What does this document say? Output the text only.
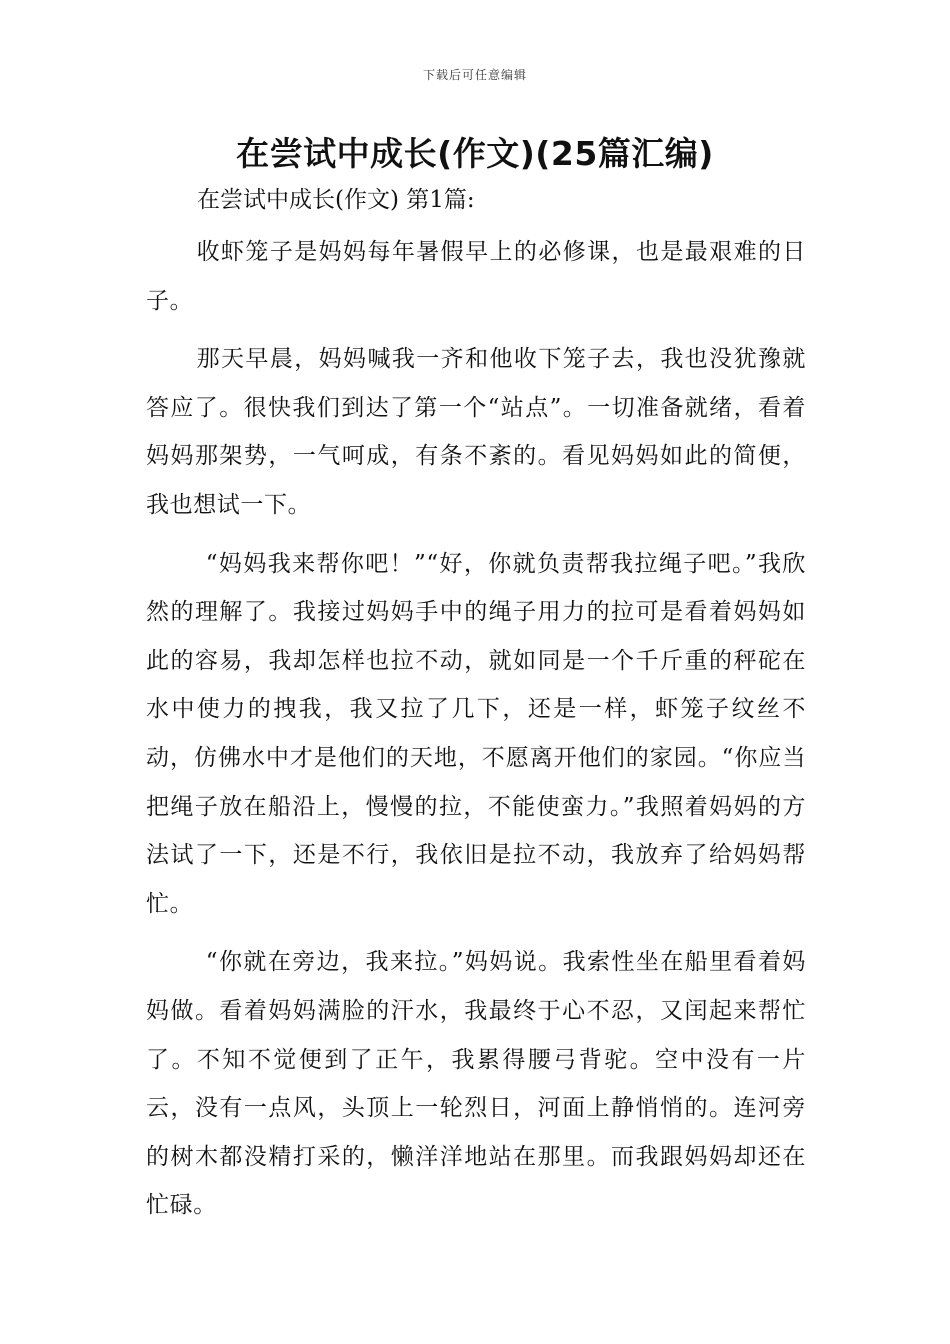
下载后可任意编辑
在尝试中成长(作文)(25篇汇编)
在尝试中成长(作文) 第1篇:

收虾笼子是妈妈每年暑假早上的必修课，也是最艰难的日子。

那天早晨，妈妈喊我一齐和他收下笼子去，我也没犹豫就答应了。很快我们到达了第一个“站点”。一切准备就绪，看着妈妈那架势，一气呵成，有条不紊的。看见妈妈如此的简便，我也想试一下。

“妈妈我来帮你吧！”“好，你就负责帮我拉绳子吧。”我欣然的理解了。我接过妈妈手中的绳子用力的拉可是看着妈妈如此的容易，我却怎样也拉不动，就如同是一个千斤重的秤砣在水中使力的拽我，我又拉了几下，还是一样，虾笼子纹丝不动，仿佛水中才是他们的天地，不愿离开他们的家园。“你应当把绳子放在船沿上，慢慢的拉，不能使蛮力。”我照着妈妈的方法试了一下，还是不行，我依旧是拉不动，我放弃了给妈妈帮忙。

“你就在旁边，我来拉。”妈妈说。我索性坐在船里看着妈妈做。看着妈妈满脸的汗水，我最终于心不忍，又闰起来帮忙了。不知不觉便到了正午，我累得腰弓背驼。空中没有一片云，没有一点风，头顶上一轮烈日，河面上静悄悄的。连河旁的树木都没精打采的，懒洋洋地站在那里。而我跟妈妈却还在忙碌。
